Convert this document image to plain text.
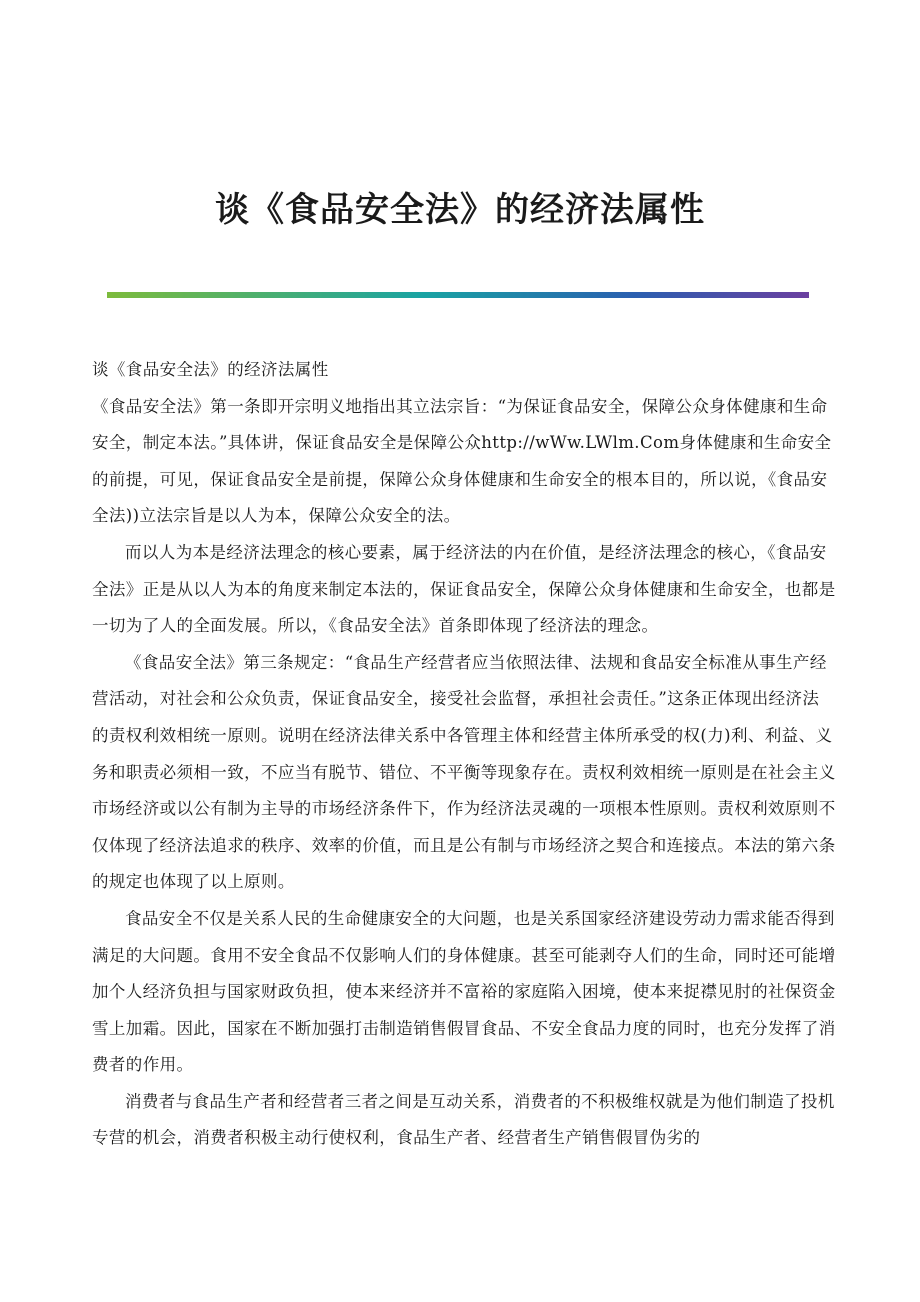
谈《食品安全法》的经济法属性

谈《食品安全法》的经济法属性

《食品安全法》第一条即开宗明义地指出其立法宗旨：“为保证食品安全，保障公众身体健康和生命安全，制定本法。”具体讲，保证食品安全是保障公众http://wWw.LWlm.Com身体健康和生命安全的前提，可见，保证食品安全是前提，保障公众身体健康和生命安全的根本目的，所以说，《食品安全法))立法宗旨是以人为本，保障公众安全的法。

而以人为本是经济法理念的核心要素，属于经济法的内在价值，是经济法理念的核心，《食品安全法》正是从以人为本的角度来制定本法的，保证食品安全，保障公众身体健康和生命安全，也都是一切为了人的全面发展。所以，《食品安全法》首条即体现了经济法的理念。

《食品安全法》第三条规定：“食品生产经营者应当依照法律、法规和食品安全标准从事生产经营活动，对社会和公众负责，保证食品安全，接受社会监督，承担社会责任。”这条正体现出经济法的责权利效相统一原则。说明在经济法律关系中各管理主体和经营主体所承受的权(力)利、利益、义务和职责必须相一致，不应当有脱节、错位、不平衡等现象存在。责权利效相统一原则是在社会主义市场经济或以公有制为主导的市场经济条件下，作为经济法灵魂的一项根本性原则。责权利效原则不仅体现了经济法追求的秩序、效率的价值，而且是公有制与市场经济之契合和连接点。本法的第六条的规定也体现了以上原则。

食品安全不仅是关系人民的生命健康安全的大问题，也是关系国家经济建设劳动力需求能否得到满足的大问题。食用不安全食品不仅影响人们的身体健康。甚至可能剥夺人们的生命，同时还可能增加个人经济负担与国家财政负担，使本来经济并不富裕的家庭陷入困境，使本来捉襟见肘的社保资金雪上加霜。因此，国家在不断加强打击制造销售假冒食品、不安全食品力度的同时，也充分发挥了消费者的作用。

消费者与食品生产者和经营者三者之间是互动关系，消费者的不积极维权就是为他们制造了投机专营的机会，消费者积极主动行使权利，食品生产者、经营者生产销售假冒伪劣的
